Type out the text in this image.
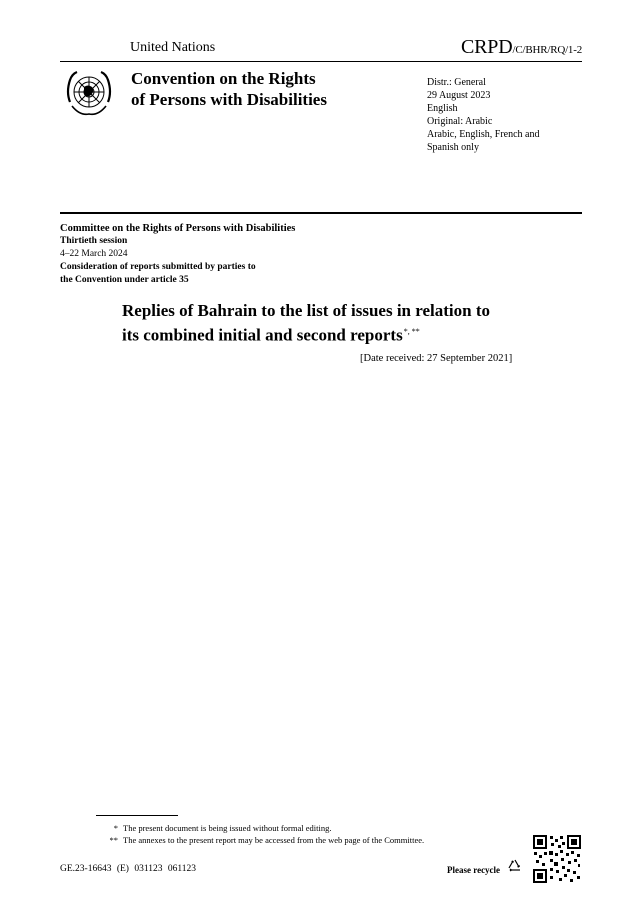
United Nations	CRPD/C/BHR/RQ/1-2
Convention on the Rights
of Persons with Disabilities
Distr.: General
29 August 2023
English
Original: Arabic
Arabic, English, French and
Spanish only
Committee on the Rights of Persons with Disabilities
Thirtieth session
4–22 March 2024
Consideration of reports submitted by parties to
the Convention under article 35
Replies of Bahrain to the list of issues in relation to
its combined initial and second reports*, **
[Date received: 27 September 2021]
* The present document is being issued without formal editing.
** The annexes to the present report may be accessed from the web page of the Committee.
GE.23-16643 (E) 031123 061123	Please recycle
